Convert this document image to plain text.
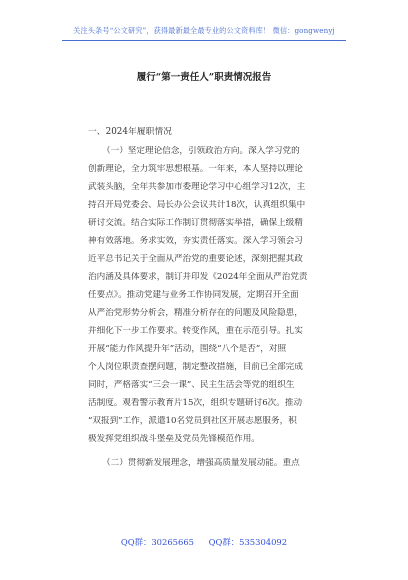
关注头条号“公文研究”，获得最新最全最专业的公文资料库！ 微信：gongwenyj
履行“第一责任人”职责情况报告
一、2024年履职情况
（一）坚定理论信念，引领政治方向。深入学习党的
创新理论，全力筑牢思想根基。一年来，本人坚持以理论
武装头脑，全年共参加市委理论学习中心组学习12次，主
持召开局党委会、局长办公会议共计18次，认真组织集中
研讨交流。结合实际工作制订贯彻落实举措，确保上级精
神有效落地。务求实效，夯实责任落实。深入学习领会习
近平总书记关于全面从严治党的重要论述，深刻把握其政
治内涵及具体要求，制订并印发《2024年全面从严治党责
任要点》。推动党建与业务工作协同发展，定期召开全面
从严治党形势分析会，精准分析存在的问题及风险隐患，
并细化下一步工作要求。转变作风，重在示范引导。扎实
开展“能力作风提升年”活动，围绕“八个是否”，对照
个人岗位职责查摆问题，制定整改措施，目前已全部完成
同时，严格落实“三会一课”、民主生活会等党的组织生
活制度。观看警示教育片15次，组织专题研讨6次。推动
“双报到”工作，派遣10名党员到社区开展志愿服务，积
极发挥党组织战斗堡垒及党员先锋模范作用。
（二）贯彻新发展理念，增强高质量发展动能。重点
QQ群：30265665 QQ群：535304092
